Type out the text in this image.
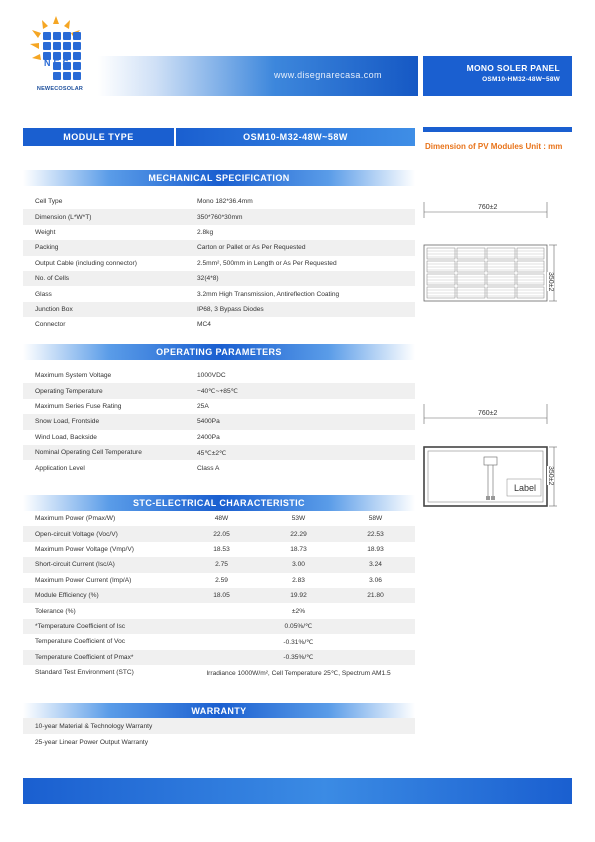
NES
NEWECOSOLAR
www.disegnarecasa.com
MONO SOLER PANEL
OSM10-HM32-48W~58W
MODULE TYPE	OSM10-M32-48W~58W
Dimension of PV Modules Unit : mm
MECHANICAL SPECIFICATION
Cell Type	Mono 182*36.4mm
Dimension (L*W*T)	350*760*30mm
Weight	2.8kg
Packing	Carton or Pallet or As Per Requested
Output Cable (including connector)	2.5mm², 500mm in Length or As Per Requested
No. of Cells	32(4*8)
Glass	3.2mm High Transmission, Antireflection Coating
Junction Box	IP68, 3 Bypass Diodes
Connector	MC4
OPERATING PARAMETERS
Maximum System Voltage	1000VDC
Operating Temperature	−40℃~+85℃
Maximum Series Fuse Rating	25A
Snow Load, Frontside	5400Pa
Wind Load, Backside	2400Pa
Nominal Operating Cell Temperature	45℃±2℃
Application Level	Class A
STC-ELECTRICAL CHARACTERISTIC
Maximum Power (Pmax/W)	48W	53W	58W
Open-circuit Voltage (Voc/V)	22.05	22.29	22.53
Maximum Power Voltage (Vmp/V)	18.53	18.73	18.93
Short-circuit Current (Isc/A)	2.75	3.00	3.24
Maximum Power Current (Imp/A)	2.59	2.83	3.06
Module Efficiency (%)	18.05	19.92	21.80
Tolerance (%)	±2%
*Temperature Coefficient of Isc	0.05%/℃
Temperature Coefficient of Voc	-0.31%/℃
Temperature Coefficient of Pmax*	-0.35%/℃
Standard Test Environment (STC)	Irradiance 1000W/m², Cell Temperature 25℃, Spectrum AM1.5
WARRANTY
10-year Material & Technology Warranty
25-year Linear Power Output Warranty
760±2
350±2
760±2
350±2
Label
